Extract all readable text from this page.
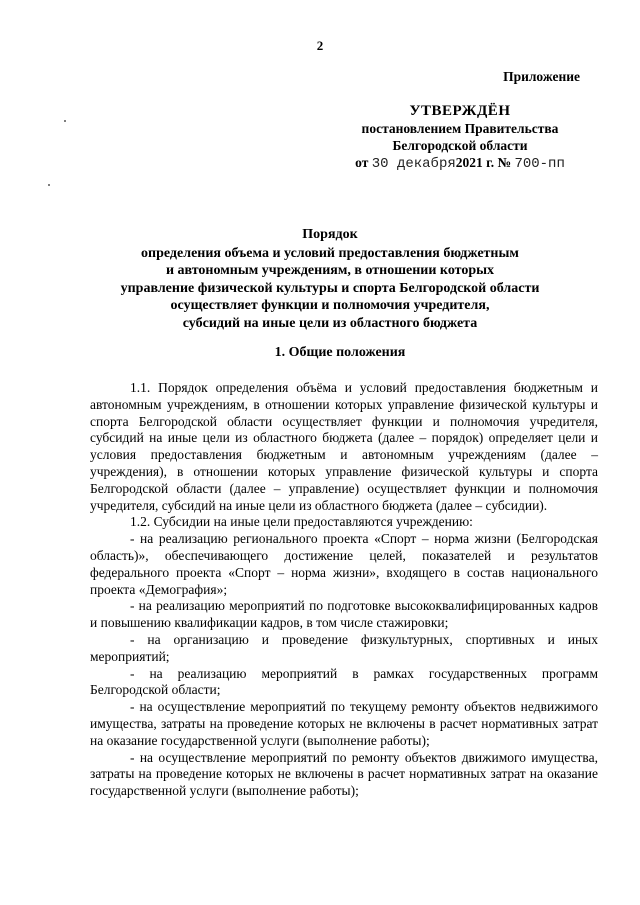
2
Приложение
УТВЕРЖДЁН
постановлением Правительства
Белгородской области
от 30 декабря2021 г. № 700-пп
Порядок
определения объема и условий предоставления бюджетным
и автономным учреждениям, в отношении которых
управление физической культуры и спорта Белгородской области
осуществляет функции и полномочия учредителя,
субсидий на иные цели из областного бюджета
1. Общие положения

1.1. Порядок определения объёма и условий предоставления бюджетным и автономным учреждениям, в отношении которых управление физической культуры и спорта Белгородской области осуществляет функции и полномочия учредителя, субсидий на иные цели из областного бюджета (далее – порядок) определяет цели и условия предоставления бюджетным и автономным учреждениям (далее – учреждения), в отношении которых управление физической культуры и спорта Белгородской области (далее – управление) осуществляет функции и полномочия учредителя, субсидий на иные цели из областного бюджета (далее – субсидии).

1.2. Субсидии на иные цели предоставляются учреждению:

- на реализацию регионального проекта «Спорт – норма жизни (Белгородская область)», обеспечивающего достижение целей, показателей и результатов федерального проекта «Спорт – норма жизни», входящего в состав национального проекта «Демография»;

- на реализацию мероприятий по подготовке высококвалифицированных кадров и повышению квалификации кадров, в том числе стажировки;

- на организацию и проведение физкультурных, спортивных и иных мероприятий;

- на реализацию мероприятий в рамках государственных программ Белгородской области;

- на осуществление мероприятий по текущему ремонту объектов недвижимого имущества, затраты на проведение которых не включены в расчет нормативных затрат на оказание государственной услуги (выполнение работы);

- на осуществление мероприятий по ремонту объектов движимого имущества, затраты на проведение которых не включены в расчет нормативных затрат на оказание государственной услуги (выполнение работы);
